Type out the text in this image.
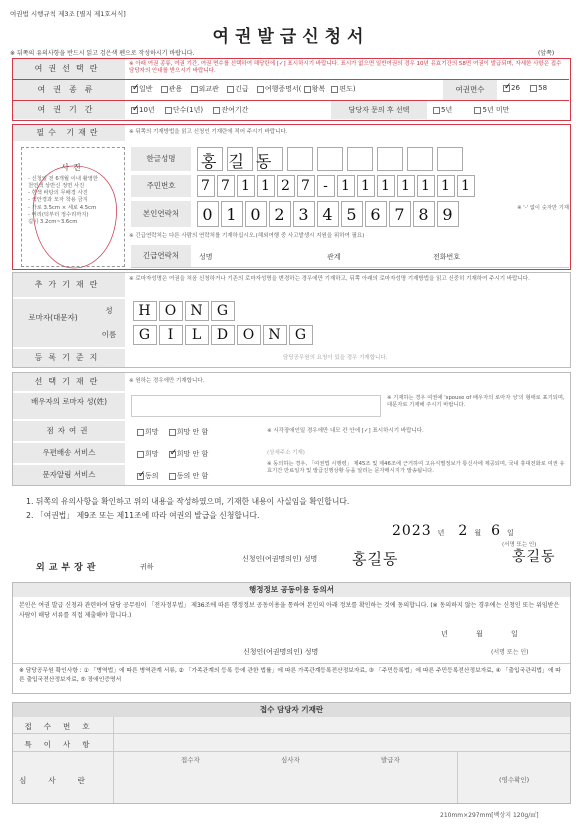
여권법 시행규칙 제3조 [별지 제1호서식]
여권발급신청서
※ 뒤쪽의 유의사항을 반드시 읽고 검은색 펜으로 작성하시기 바랍니다.	(앞쪽)
여권선택란	※ 아래 여권 종류, 여권 기간, 여권 면수를 선택하여 해당란에 [✓] 표시하시기 바랍니다. 표시가 없으면 일반여권의 경우 10년 유효기간의 58면 여권이 발급되며, 자세한 사항은 접수 담당자의 안내를 받으시기 바랍니다.
여권종류	✓ 일반 관용 외교관 긴급 여행증명서( 왕복 편도)	여권면수	✓ 26	58
여권기간	✓ 10년	단수(1년)	잔여기간	담당자 문의 후 선택	5년	5년 미만
필수 기재란	※ 뒤쪽의 기재방법을 읽고 신청인 기재란에 적어 주시기 바랍니다.
사진
- 신청일 전 6개월 이내 촬영한
천연색 상반신 정면 사진
- 흰색 바탕의 무배경 사진
- 색안경과 모자 착용 금지
- 가로 3.5cm × 세로 4.5cm
- 머리(턱부터 정수리까지)
길이 3.2cm~3.6cm
한글성명	홍길동
주민번호	7 7 1 1 2 7 - 1 1 1 1 1 1 1
본인연락처	0 1 0 2 3 4 5 6 7 8 9	※ '-' 없이 숫자만 기재
※ 긴급연락처는 다른 사람의 연락처를 기재하십시오.(해외여행 중 사고발생시 지원을 위하여 필요)
긴급연락처	성명	관계	전화번호
추가기재란
※ 로마자성명은 여권을 처음 신청하거나 기존의 로마자성명을 변경하는 경우에만 기재하고, 뒤쪽 아래의 로마자성명 기재방법을 읽고 신중히 기재하여 주시기 바랍니다.
로마자(대문자)
성	H O N G
이름	G	I	L	D O N G
등록기준지	담당공무원의 요청이 있을 경우 기재합니다.
선택기재란	※ 원하는 경우에만 기재합니다.
배우자의 로마자 성(姓)	※ 기재하는 경우 여권에 'spouse of 배우자의 로마자 성'의 형태로 표기되며, 대문자로 기재해 주시기 바랍니다.
점자여권	희망	희망 안 함	※ 시각장애인일 경우에만 내모 칸 안에 [✓] 표시하시기 바랍니다.
우편배송 서비스	희망 ✓ 희망 안 함	(상세주소 기재)
문자알림 서비스	✓ 동의	동의 안 함
※ 동의하는 경우, 「여권법 시행령」 제45조 및 제46조에 근거하여 고유식별정보가 통신사에 제공되며, 국내 휴대전화로 여권 유효기간 만료일자 및 발급진행상황 등을 알리는 문자메시지가 발송됩니다.
1. 뒤쪽의 유의사항을 확인하고 위의 내용을 작성하였으며, 기재한 내용이 사실임을 확인합니다.
2. 「여권법」 제9조 또는 제11조에 따라 여권의 발급을 신청합니다.
2023 년 2 월 6 일
신청인(여권명의인) 성명 홍길동
(서명 또는 인)
홍길동
외교부장관	귀하
행정정보 공동이용 동의서
본인은 여권 발급 신청과 관련하여 담당 공무원이 「전자정부법」 제36조에 따른 행정정보 공동이용을 통하여 본인의 아래 정보를 확인하는 것에 동의합니다. (※ 동의하지 않는 경우에는 신청인 또는 위임받은 사람이 해당 서류를 직접 제출해야 합니다.)
년	월	일
신청인(여권명의인) 성명	(서명 또는 인)
※ 담당공무원 확인사항 : ① 「병역법」에 따른 병역관계 서류, ② 「가족관계의 등록 등에 관한 법률」에 따른 가족관계등록전산정보자료, ③ 「주민등록법」에 따른 주민등록전산정보자료, ④ 「출입국관리법」에 따른 출입국전산정보자료, ⑤ 장애인증명서
접수 담당자 기재란
접수번호
특이사항
심사란
접수자	심사자	발급자
(영수확인)
210mm×297mm[백상지 120g/㎡]
